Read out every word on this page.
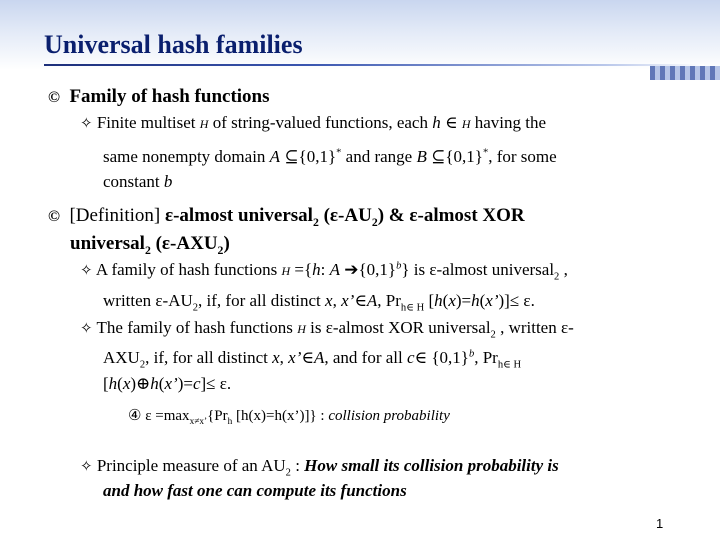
Universal hash families
© Family of hash functions
✧ Finite multiset H of string-valued functions, each h ∈ H having the
same nonempty domain A ⊆{0,1}* and range B ⊆{0,1}*, for some
constant b
© [Definition] ε-almost universal$_2$ $(\varepsilon-AU_2)$ & ε-almost XOR
universal$_2$ $(\varepsilon-AXU_2)$
✧ A family of hash functions H ={h: A $➔\{0,1\}^b$} is ε-almost universal$_2$ ,
written $\varepsilon-AU_2$, if, for all distinct x, x’∈A, $Pr_{h\in H}$ [h(x)=h(x’)]≤ ε.
✧ The family of hash functions H is ε-almost XOR universal$_2$ , written ε-
$AXU_2$, if, for all distinct x, x’∈A, and for all c∈ $\{0,1\}^b$, $Pr_{h\in H}$
[h(x)⊕h(x’)=c]≤ ε.
④ $\varepsilon =\max_{x\ne x’}\{Pr_h$ [h(x)=h(x’)]} : collision probability
✧ Principle measure of an $AU_2$ : How small its collision probability is
and how fast one can compute its functions
1
